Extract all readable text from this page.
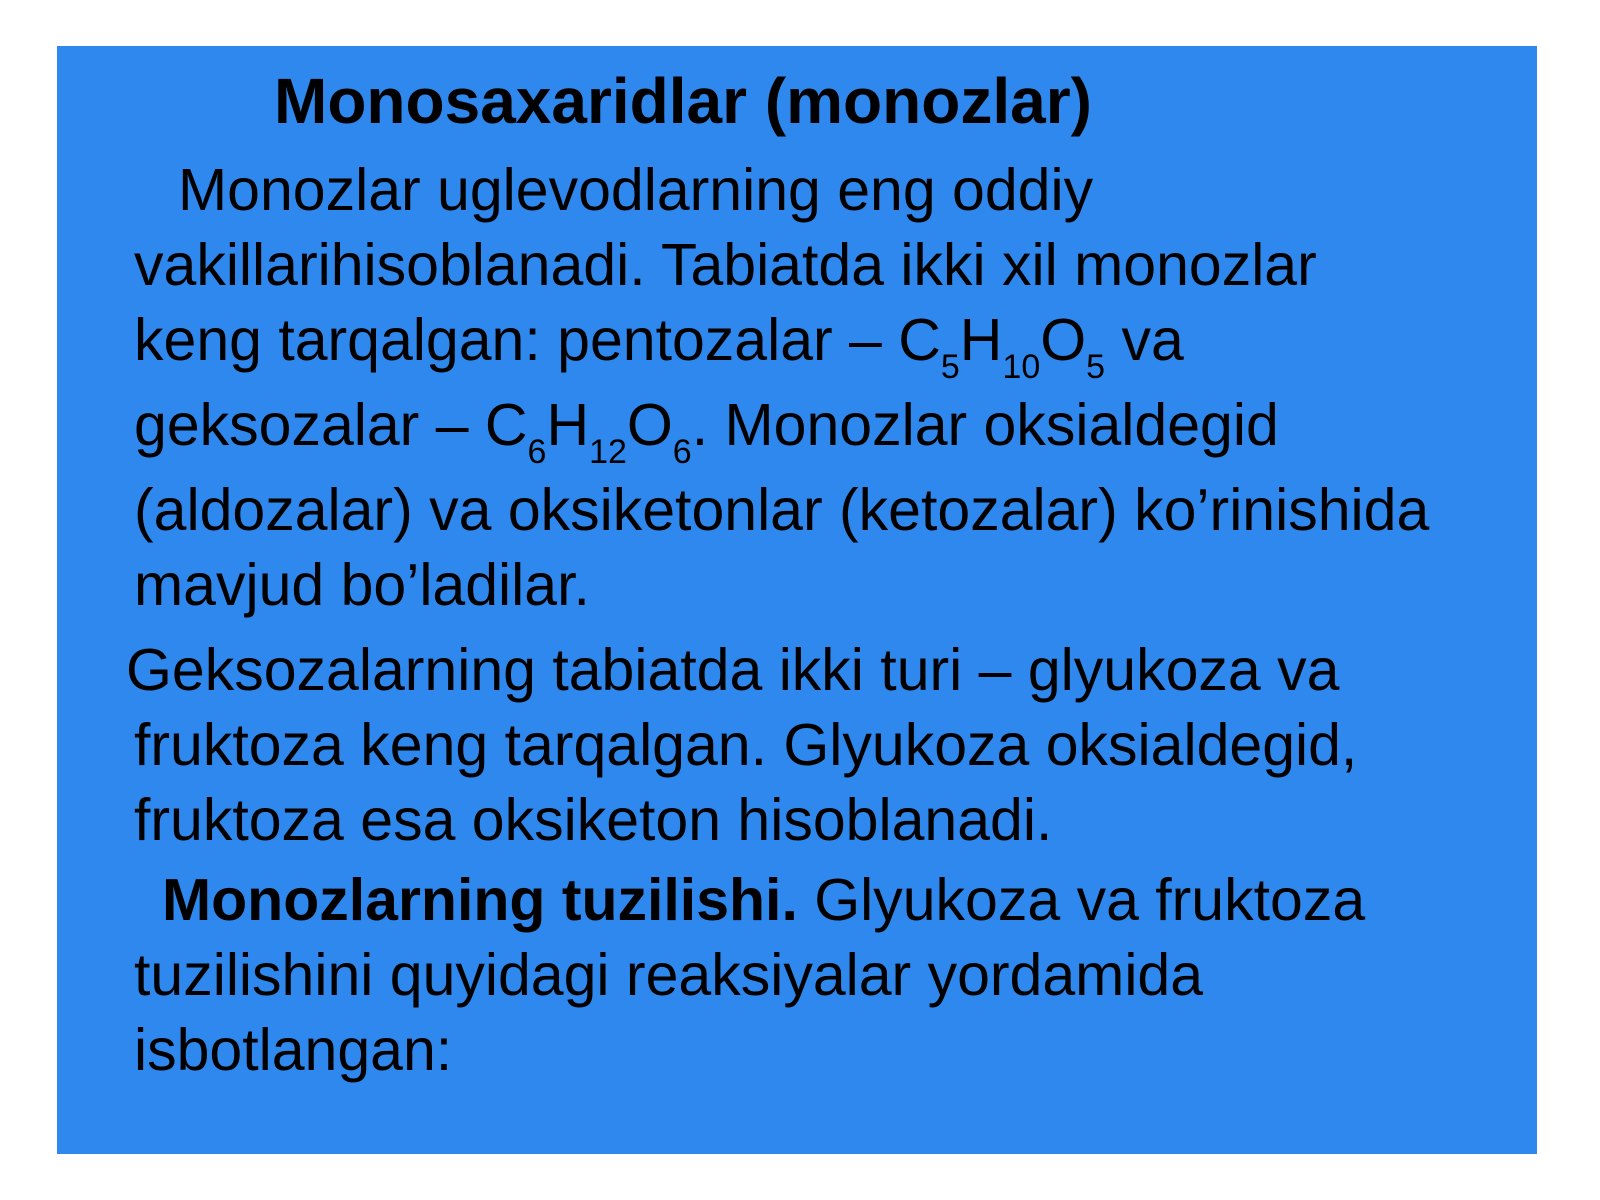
Monosaxaridlar (monozlar)

Monozlar uglevodlarning eng oddiy

vakillarihisoblanadi. Tabiatda ikki xil monozlar

keng tarqalgan: pentozalar – $C_5H_{10}O_5$ va

geksozalar – $C_6H_{12}O_6$. Monozlar oksialdegid

(aldozalar) va oksiketonlar (ketozalar) ko’rinishida

mavjud bo’ladilar.

Geksozalarning tabiatda ikki turi – glyukoza va

fruktoza keng tarqalgan. Glyukoza oksialdegid,

fruktoza esa oksiketon hisoblanadi.

Monozlarning tuzilishi. Glyukoza va fruktoza

tuzilishini quyidagi reaksiyalar yordamida

isbotlangan:
